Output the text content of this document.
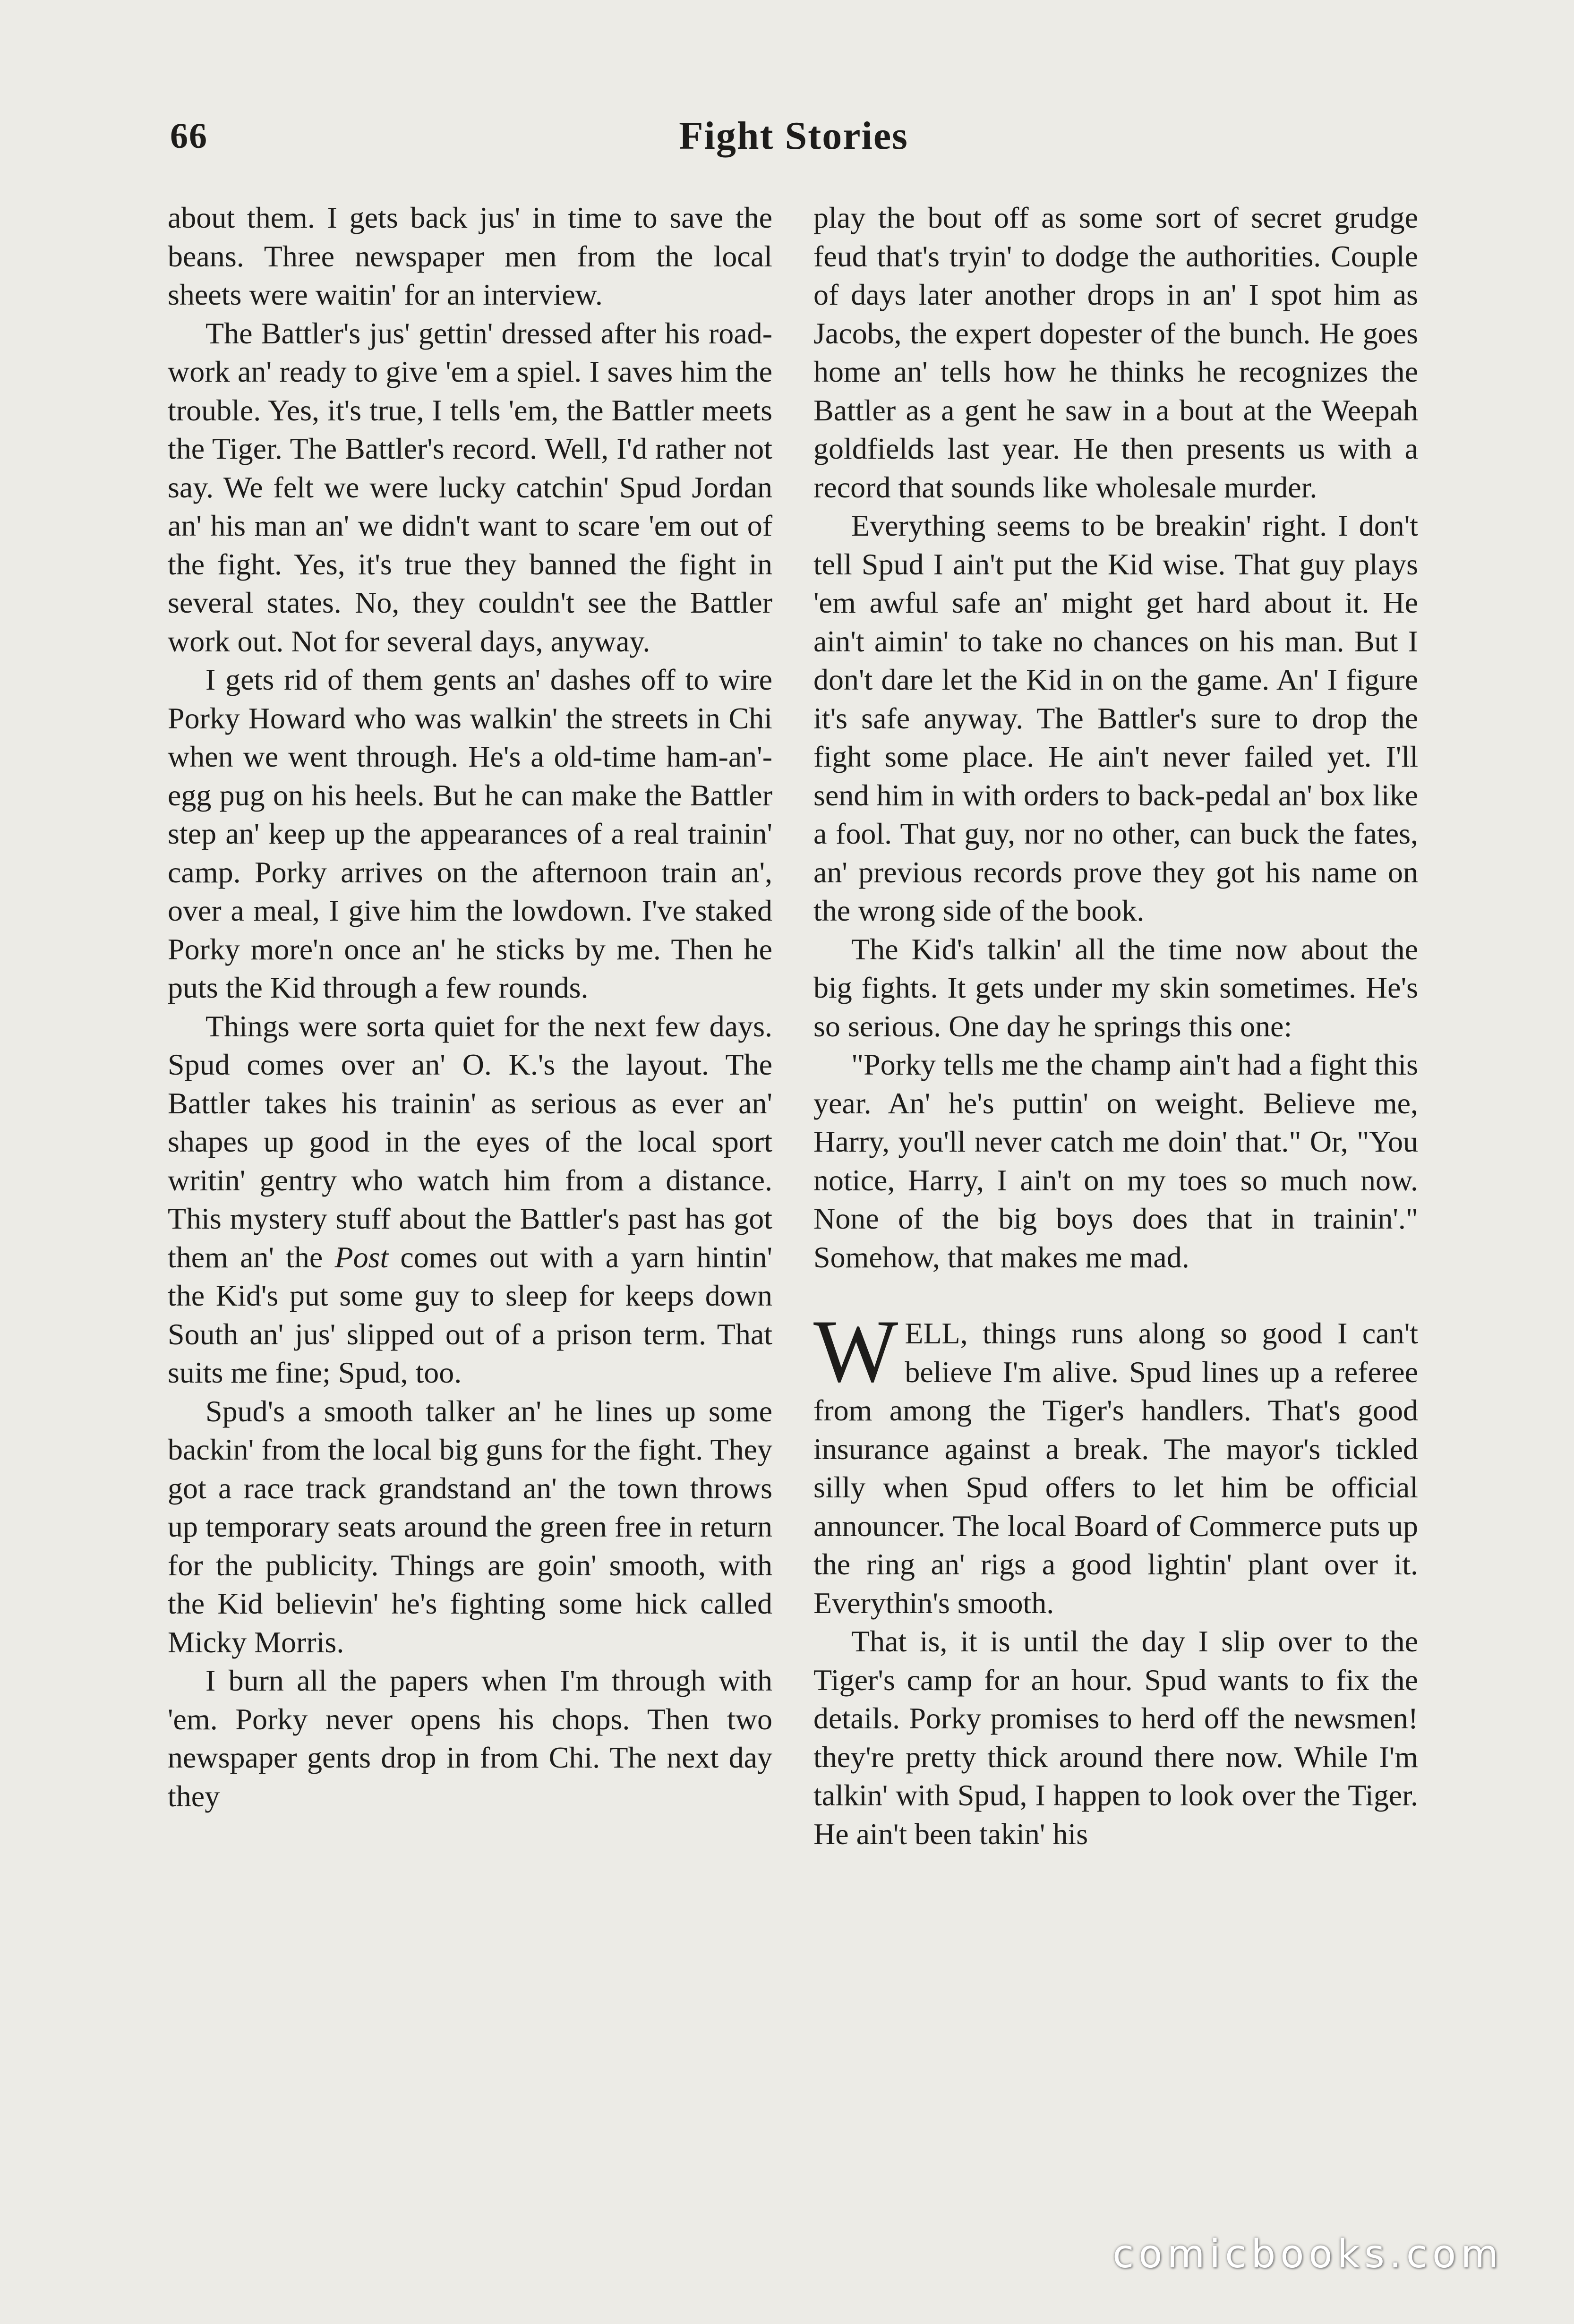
66	Fight Stories

about them. I gets back jus' in time to save the beans. Three newspaper men from the local sheets were waitin' for an interview.

The Battler's jus' gettin' dressed after his road-work an' ready to give 'em a spiel. I saves him the trouble. Yes, it's true, I tells 'em, the Battler meets the Tiger. The Battler's record. Well, I'd rather not say. We felt we were lucky catchin' Spud Jordan an' his man an' we didn't want to scare 'em out of the fight. Yes, it's true they banned the fight in several states. No, they couldn't see the Battler work out. Not for several days, anyway.

I gets rid of them gents an' dashes off to wire Porky Howard who was walkin' the streets in Chi when we went through. He's a old-time ham-an'-egg pug on his heels. But he can make the Battler step an' keep up the appearances of a real trainin' camp. Porky arrives on the afternoon train an', over a meal, I give him the lowdown. I've staked Porky more'n once an' he sticks by me. Then he puts the Kid through a few rounds.

Things were sorta quiet for the next few days. Spud comes over an' O. K.'s the layout. The Battler takes his trainin' as serious as ever an' shapes up good in the eyes of the local sport writin' gentry who watch him from a distance. This mystery stuff about the Battler's past has got them an' the Post comes out with a yarn hintin' the Kid's put some guy to sleep for keeps down South an' jus' slipped out of a prison term. That suits me fine; Spud, too.

Spud's a smooth talker an' he lines up some backin' from the local big guns for the fight. They got a race track grandstand an' the town throws up temporary seats around the green free in return for the publicity. Things are goin' smooth, with the Kid believin' he's fighting some hick called Micky Morris.

I burn all the papers when I'm through with 'em. Porky never opens his chops. Then two newspaper gents drop in from Chi. The next day they

play the bout off as some sort of secret grudge feud that's tryin' to dodge the authorities. Couple of days later another drops in an' I spot him as Jacobs, the expert dopester of the bunch. He goes home an' tells how he thinks he recognizes the Battler as a gent he saw in a bout at the Weepah goldfields last year. He then presents us with a record that sounds like wholesale murder.

Everything seems to be breakin' right. I don't tell Spud I ain't put the Kid wise. That guy plays 'em awful safe an' might get hard about it. He ain't aimin' to take no chances on his man. But I don't dare let the Kid in on the game. An' I figure it's safe anyway. The Battler's sure to drop the fight some place. He ain't never failed yet. I'll send him in with orders to back-pedal an' box like a fool. That guy, nor no other, can buck the fates, an' previous records prove they got his name on the wrong side of the book.

The Kid's talkin' all the time now about the big fights. It gets under my skin sometimes. He's so serious. One day he springs this one:

"Porky tells me the champ ain't had a fight this year. An' he's puttin' on weight. Believe me, Harry, you'll never catch me doin' that." Or, "You notice, Harry, I ain't on my toes so much now. None of the big boys does that in trainin'." Somehow, that makes me mad.

WELL, things runs along so good I can't believe I'm alive. Spud lines up a referee from among the Tiger's handlers. That's good insurance against a break. The mayor's tickled silly when Spud offers to let him be official announcer. The local Board of Commerce puts up the ring an' rigs a good lightin' plant over it. Everythin's smooth.

That is, it is until the day I slip over to the Tiger's camp for an hour. Spud wants to fix the details. Porky promises to herd off the newsmen! they're pretty thick around there now. While I'm talkin' with Spud, I happen to look over the Tiger. He ain't been takin' his

comicbooks.com
